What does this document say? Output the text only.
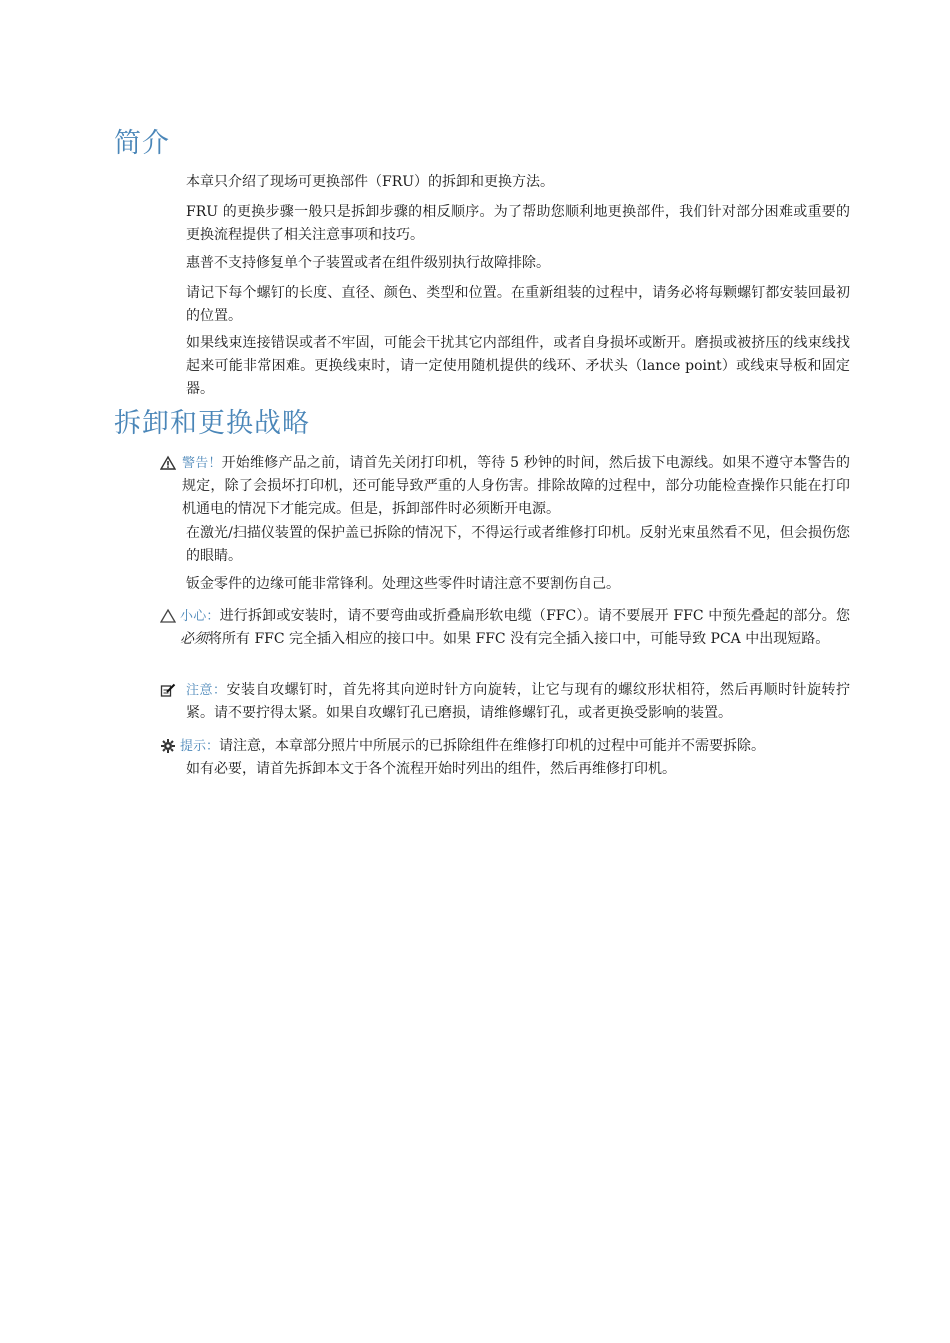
简介

本章只介绍了现场可更换部件（FRU）的拆卸和更换方法。

FRU 的更换步骤一般只是拆卸步骤的相反顺序。为了帮助您顺利地更换部件，我们针对部分困难或重要的更换流程提供了相关注意事项和技巧。

惠普不支持修复单个子装置或者在组件级别执行故障排除。

请记下每个螺钉的长度、直径、颜色、类型和位置。在重新组装的过程中，请务必将每颗螺钉都安装回最初的位置。

如果线束连接错误或者不牢固，可能会干扰其它内部组件，或者自身损坏或断开。磨损或被挤压的线束线找起来可能非常困难。更换线束时，请一定使用随机提供的线环、矛状头（lance point）或线束导板和固定器。

拆卸和更换战略
警告！开始维修产品之前，请首先关闭打印机，等待 5 秒钟的时间，然后拔下电源线。如果不遵守本警告的规定，除了会损坏打印机，还可能导致严重的人身伤害。排除故障的过程中，部分功能检查操作只能在打印机通电的情况下才能完成。但是，拆卸部件时必须断开电源。

在激光/扫描仪装置的保护盖已拆除的情况下，不得运行或者维修打印机。反射光束虽然看不见，但会损伤您的眼睛。

钣金零件的边缘可能非常锋利。处理这些零件时请注意不要割伤自己。

小心：进行拆卸或安装时，请不要弯曲或折叠扁形软电缆（FFC）。请不要展开 FFC 中预先叠起的部分。您必须将所有 FFC 完全插入相应的接口中。如果 FFC 没有完全插入接口中，可能导致 PCA 中出现短路。
注意：安装自攻螺钉时，首先将其向逆时针方向旋转，让它与现有的螺纹形状相符，然后再顺时针旋转拧紧。请不要拧得太紧。如果自攻螺钉孔已磨损，请维修螺钉孔，或者更换受影响的装置。
提示：请注意，本章部分照片中所展示的已拆除组件在维修打印机的过程中可能并不需要拆除。
如有必要，请首先拆卸本文于各个流程开始时列出的组件，然后再维修打印机。
